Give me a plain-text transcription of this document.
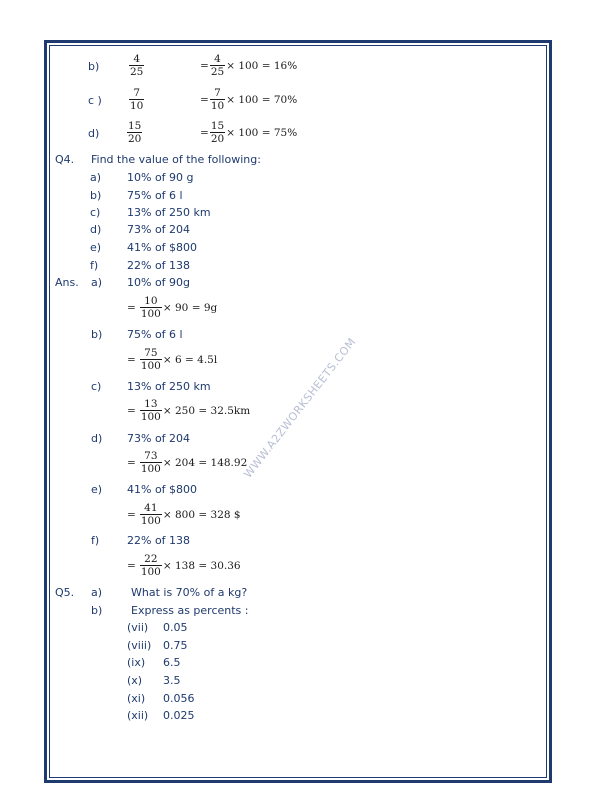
WWW.A2ZWORKSHEETS.COM
b)	$\frac{4}{25}$	= $\frac{4}{25} \times 100 = 16\%$
c )	$\frac{7}{10}$	= $\frac{7}{10} \times 100 = 70\%$
d)	$\frac{15}{20}$	= $\frac{15}{20} \times 100 = 75\%$
Q4. Find the value of the following:
a) 10% of 90 g
b) 75% of 6 l
c) 13% of 250 km
d) 73% of 204
e) 41% of $800
f)	22% of 138
Ans. a) 10% of 90g
= $\frac{10}{100} \times 90 = 9g$
b) 75% of 6 l
= $\frac{75}{100} \times 6 = 4.5l$
c) 13% of 250 km
= $\frac{13}{100} \times 250 = 32.5km$
d) 73% of 204
= $\frac{73}{100} \times 204 = 148.92$
e) 41% of $800
= $\frac{41}{100} \times 800 = 328$ $
f)	22% of 138
= $\frac{22}{100} \times 138 = 30.36$
Q5. a)	What is 70% of a kg?
b)	Express as percents :
(vii) 0.05
(viii) 0.75
(ix) 6.5
(x) 3.5
(xi) 0.056
(xii) 0.025
